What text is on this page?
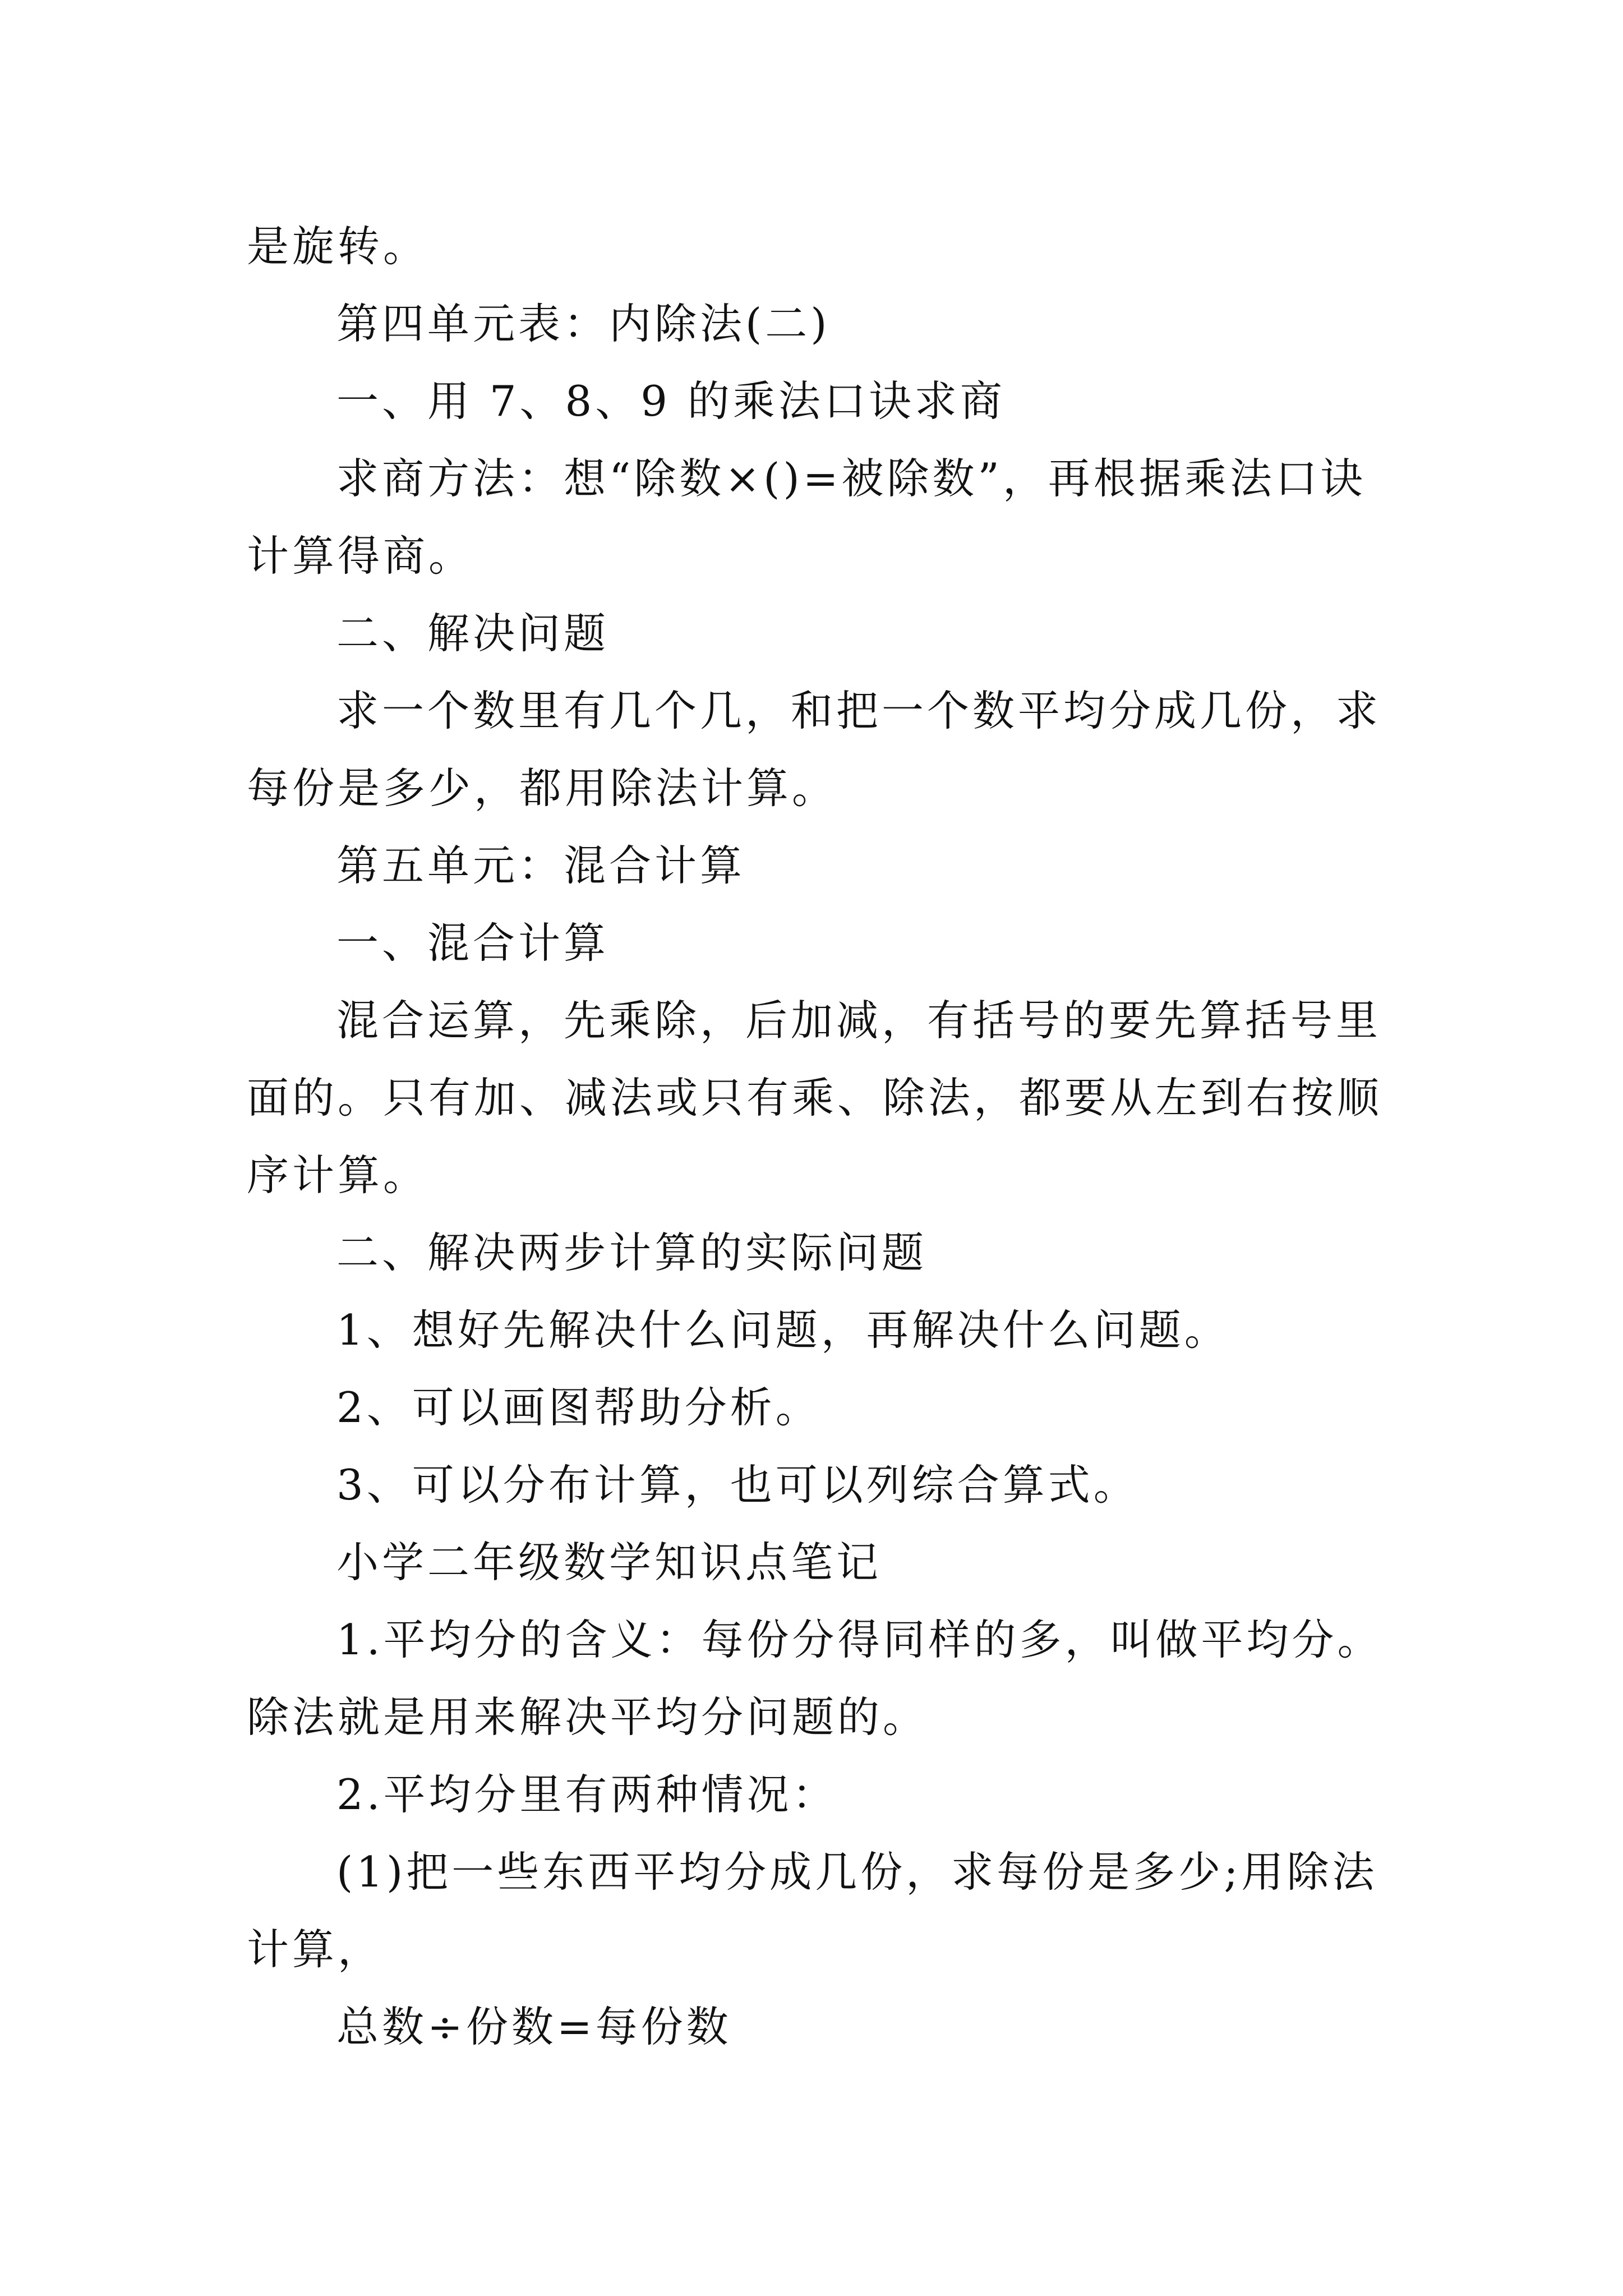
是旋转。

第四单元表：内除法(二)

一、用 7、8、9 的乘法口诀求商

求商方法：想“除数×()=被除数”，再根据乘法口诀计算得商。

二、解决问题

求一个数里有几个几，和把一个数平均分成几份，求每份是多少，都用除法计算。

第五单元：混合计算

一、混合计算

混合运算，先乘除，后加减，有括号的要先算括号里面的。只有加、减法或只有乘、除法，都要从左到右按顺序计算。

二、解决两步计算的实际问题

1、想好先解决什么问题，再解决什么问题。

2、可以画图帮助分析。

3、可以分布计算，也可以列综合算式。

小学二年级数学知识点笔记

1.平均分的含义：每份分得同样的多，叫做平均分。除法就是用来解决平均分问题的。

2.平均分里有两种情况：

(1)把一些东西平均分成几份，求每份是多少;用除法计算，

总数÷份数=每份数
